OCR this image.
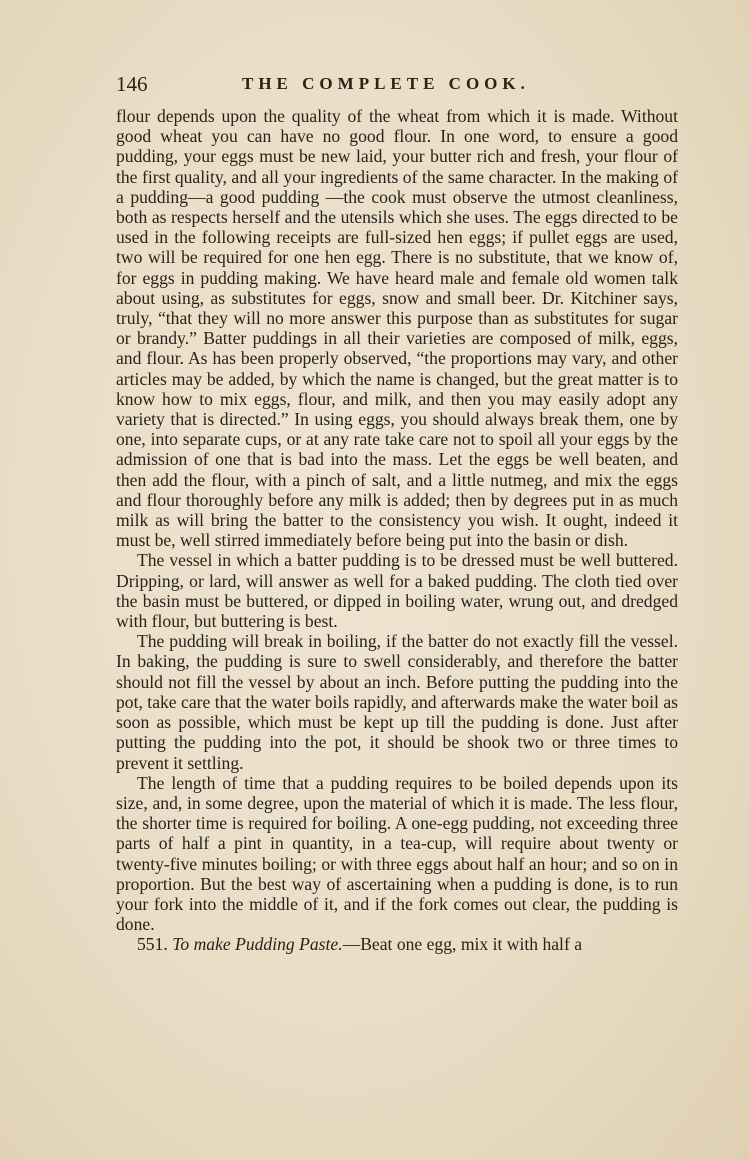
146	THE COMPLETE COOK.

flour depends upon the quality of the wheat from which it is made. Without good wheat you can have no good flour. In one word, to ensure a good pudding, your eggs must be new laid, your butter rich and fresh, your flour of the first quality, and all your ingredients of the same character. In the making of a pudding—a good pudding —the cook must observe the utmost cleanliness, both as respects herself and the utensils which she uses. The eggs directed to be used in the following receipts are full-sized hen eggs; if pullet eggs are used, two will be required for one hen egg. There is no substitute, that we know of, for eggs in pudding making. We have heard male and female old women talk about using, as substitutes for eggs, snow and small beer. Dr. Kitchiner says, truly, “that they will no more answer this purpose than as substitutes for sugar or brandy.” Batter puddings in all their varieties are composed of milk, eggs, and flour. As has been properly observed, “the proportions may vary, and other articles may be added, by which the name is changed, but the great matter is to know how to mix eggs, flour, and milk, and then you may easily adopt any variety that is directed.” In using eggs, you should always break them, one by one, into separate cups, or at any rate take care not to spoil all your eggs by the admission of one that is bad into the mass. Let the eggs be well beaten, and then add the flour, with a pinch of salt, and a little nutmeg, and mix the eggs and flour thoroughly before any milk is added; then by degrees put in as much milk as will bring the batter to the consistency you wish. It ought, indeed it must be, well stirred immediately before being put into the basin or dish.

The vessel in which a batter pudding is to be dressed must be well buttered. Dripping, or lard, will answer as well for a baked pudding. The cloth tied over the basin must be buttered, or dipped in boiling water, wrung out, and dredged with flour, but buttering is best.

The pudding will break in boiling, if the batter do not exactly fill the vessel. In baking, the pudding is sure to swell considerably, and therefore the batter should not fill the vessel by about an inch. Before putting the pudding into the pot, take care that the water boils rapidly, and afterwards make the water boil as soon as possible, which must be kept up till the pudding is done. Just after putting the pudding into the pot, it should be shook two or three times to prevent it settling.

The length of time that a pudding requires to be boiled depends upon its size, and, in some degree, upon the material of which it is made. The less flour, the shorter time is required for boiling. A one-egg pudding, not exceeding three parts of half a pint in quantity, in a tea-cup, will require about twenty or twenty-five minutes boiling; or with three eggs about half an hour; and so on in proportion. But the best way of ascertaining when a pudding is done, is to run your fork into the middle of it, and if the fork comes out clear, the pudding is done.

551. To make Pudding Paste.—Beat one egg, mix it with half a
